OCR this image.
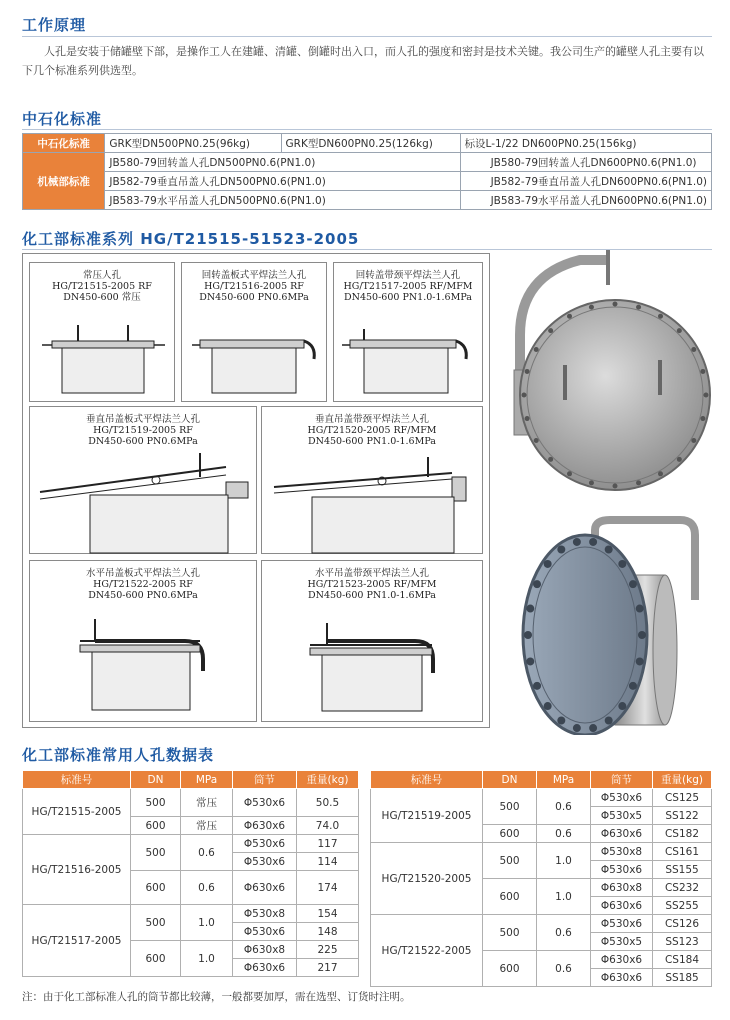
工作原理

人孔是安装于储罐壁下部，是操作工人在建罐、清罐、倒罐时出入口，而人孔的强度和密封是技术关键。我公司生产的罐壁人孔主要有以下几个标准系列供选型。

中石化标准
中石化标准	GRK型DN500PN0.25(96kg)	GRK型DN600PN0.25(126kg)	标设L-1/22 DN600PN0.25(156kg)
机械部标准	JB580-79回转盖人孔DN500PN0.6(PN1.0)		JB580-79回转盖人孔DN600PN0.6(PN1.0)
	JB582-79垂直吊盖人孔DN500PN0.6(PN1.0)		JB582-79垂直吊盖人孔DN600PN0.6(PN1.0)
	JB583-79水平吊盖人孔DN500PN0.6(PN1.0)		JB583-79水平吊盖人孔DN600PN0.6(PN1.0)
化工部标准系列 HG/T21515-51523-2005
常压人孔
HG/T21515-2005 RF
DN450-600 常压
回转盖板式平焊法兰人孔
HG/T21516-2005 RF
DN450-600 PN0.6MPa
回转盖带颈平焊法兰人孔
HG/T21517-2005 RF/MFM
DN450-600 PN1.0-1.6MPa
垂直吊盖板式平焊法兰人孔
HG/T21519-2005 RF
DN450-600 PN0.6MPa
垂直吊盖带颈平焊法兰人孔
HG/T21520-2005 RF/MFM
DN450-600 PN1.0-1.6MPa
水平吊盖板式平焊法兰人孔
HG/T21522-2005 RF
DN450-600 PN0.6MPa
水平吊盖带颈平焊法兰人孔
HG/T21523-2005 RF/MFM
DN450-600 PN1.0-1.6MPa
化工部标准常用人孔数据表
标准号	DN	MPa	筒节	重量(kg)
HG/T21515-2005	500	常压	Φ530x6	50.5
	600	常压	Φ630x6	74.0
HG/T21516-2005	500	0.6	Φ530x6	117
			Φ530x6	114
	600	0.6	Φ630x6	174
HG/T21517-2005	500	1.0	Φ530x8	154
			Φ530x6	148
	600	1.0	Φ630x8	225
			Φ630x6	217
标准号	DN	MPa	筒节	重量(kg)
HG/T21519-2005	500	0.6	Φ530x6	CS125
			Φ530x5	SS122
	600	0.6	Φ630x6	CS182
HG/T21520-2005	500	1.0	Φ530x8	CS161
			Φ530x6	SS155
	600	1.0	Φ630x8	CS232
			Φ630x6	SS255
HG/T21522-2005	500	0.6	Φ530x6	CS126
			Φ530x5	SS123
	600	0.6	Φ630x6	CS184
			Φ630x6	SS185
注：由于化工部标准人孔的筒节都比较薄，一般都要加厚，需在选型、订货时注明。
